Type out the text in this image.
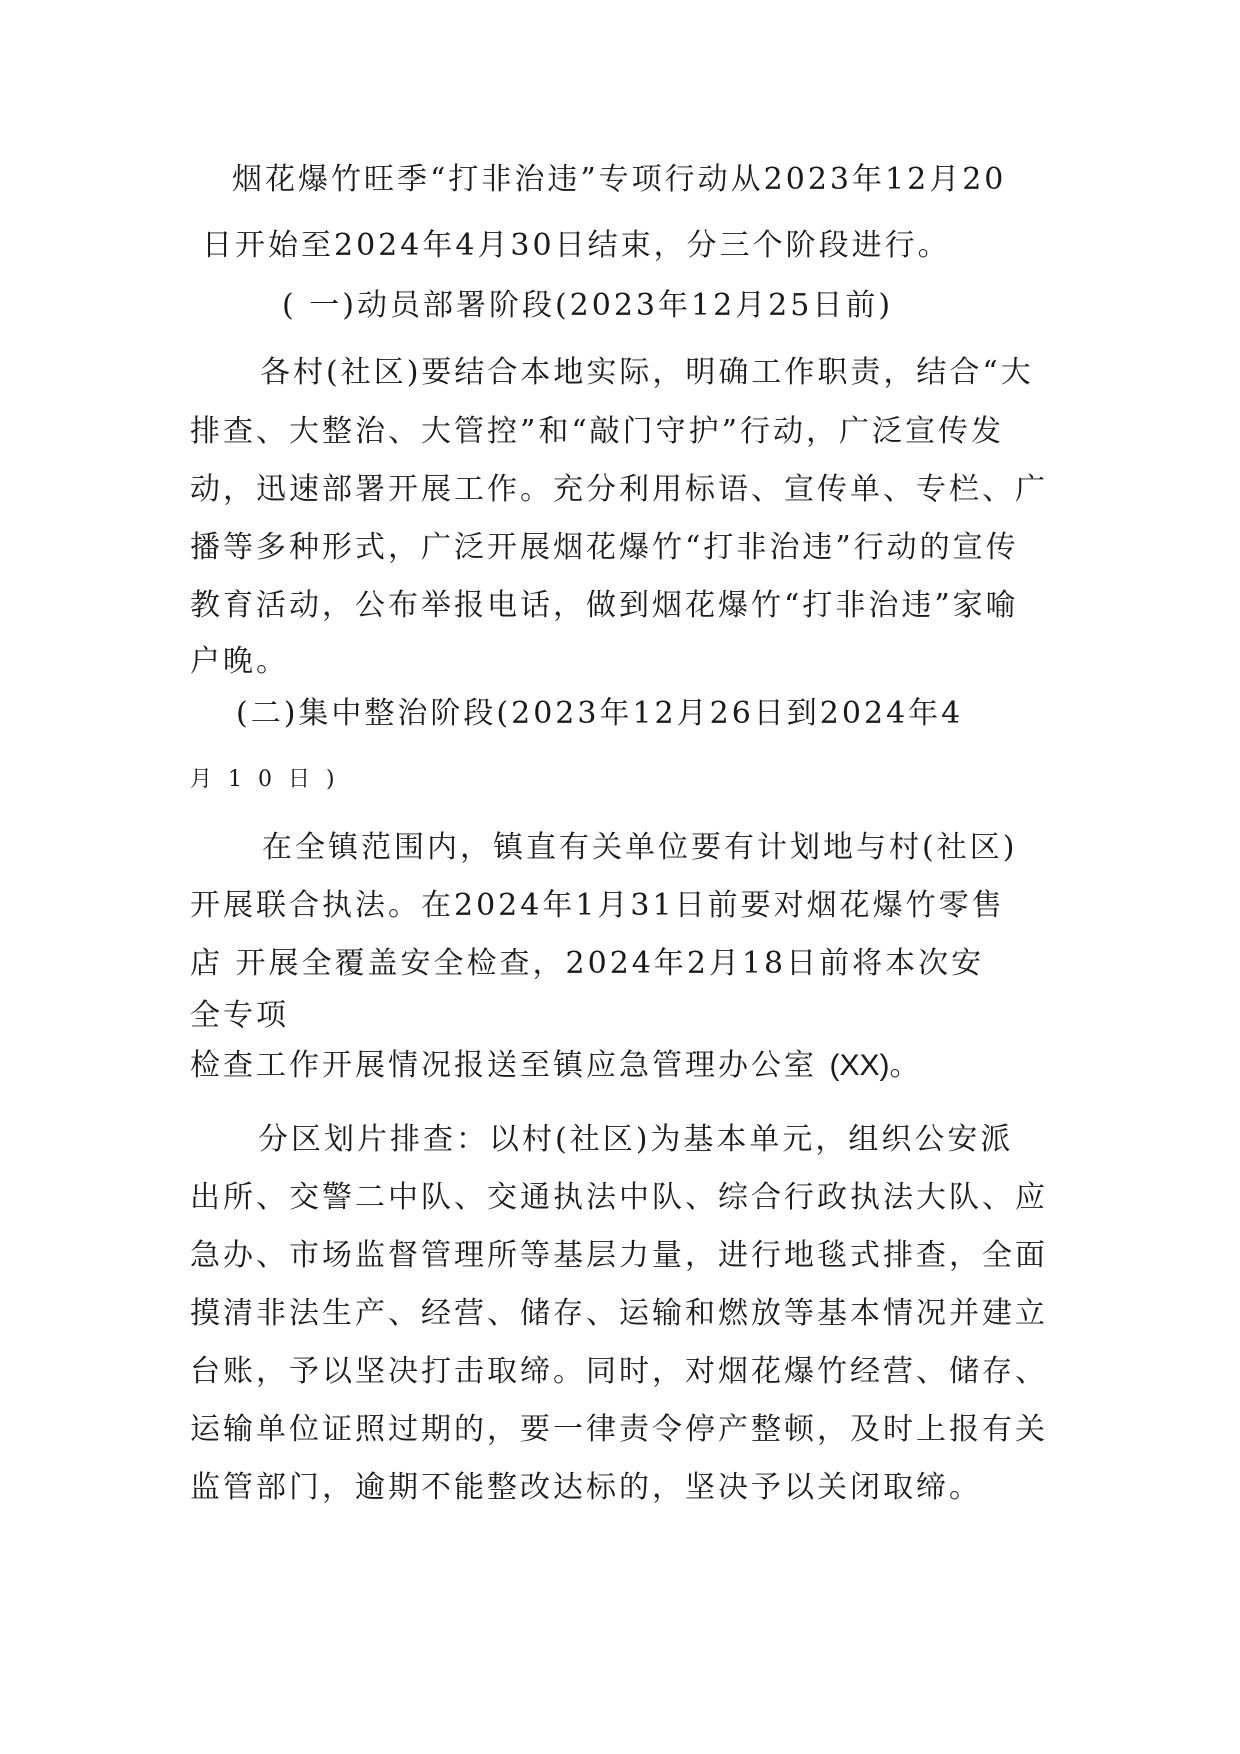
烟花爆竹旺季“打非治违”专项行动从2023年12月20
日开始至2024年4月30日结束，分三个阶段进行。
( 一)动员部署阶段(2023年12月25日前)
各村(社区)要结合本地实际，明确工作职责，结合“大
排查、大整治、大管控”和“敲门守护”行动，广泛宣传发
动，迅速部署开展工作。充分利用标语、宣传单、专栏、广
播等多种形式，广泛开展烟花爆竹“打非治违”行动的宣传
教育活动，公布举报电话，做到烟花爆竹“打非治违”家喻
户晚。
(二)集中整治阶段(2023年12月26日到2024年4
月10日)
在全镇范围内，镇直有关单位要有计划地与村(社区)
开展联合执法。在2024年1月31日前要对烟花爆竹零售
店 开展全覆盖安全检查，2024年2月18日前将本次安
全专项
检查工作开展情况报送至镇应急管理办公室 (XX)。
分区划片排查：以村(社区)为基本单元，组织公安派
出所、交警二中队、交通执法中队、综合行政执法大队、应
急办、市场监督管理所等基层力量，进行地毯式排查，全面
摸清非法生产、经营、储存、运输和燃放等基本情况并建立
台账，予以坚决打击取缔。同时，对烟花爆竹经营、储存、
运输单位证照过期的，要一律责令停产整顿，及时上报有关
监管部门，逾期不能整改达标的，坚决予以关闭取缔。
